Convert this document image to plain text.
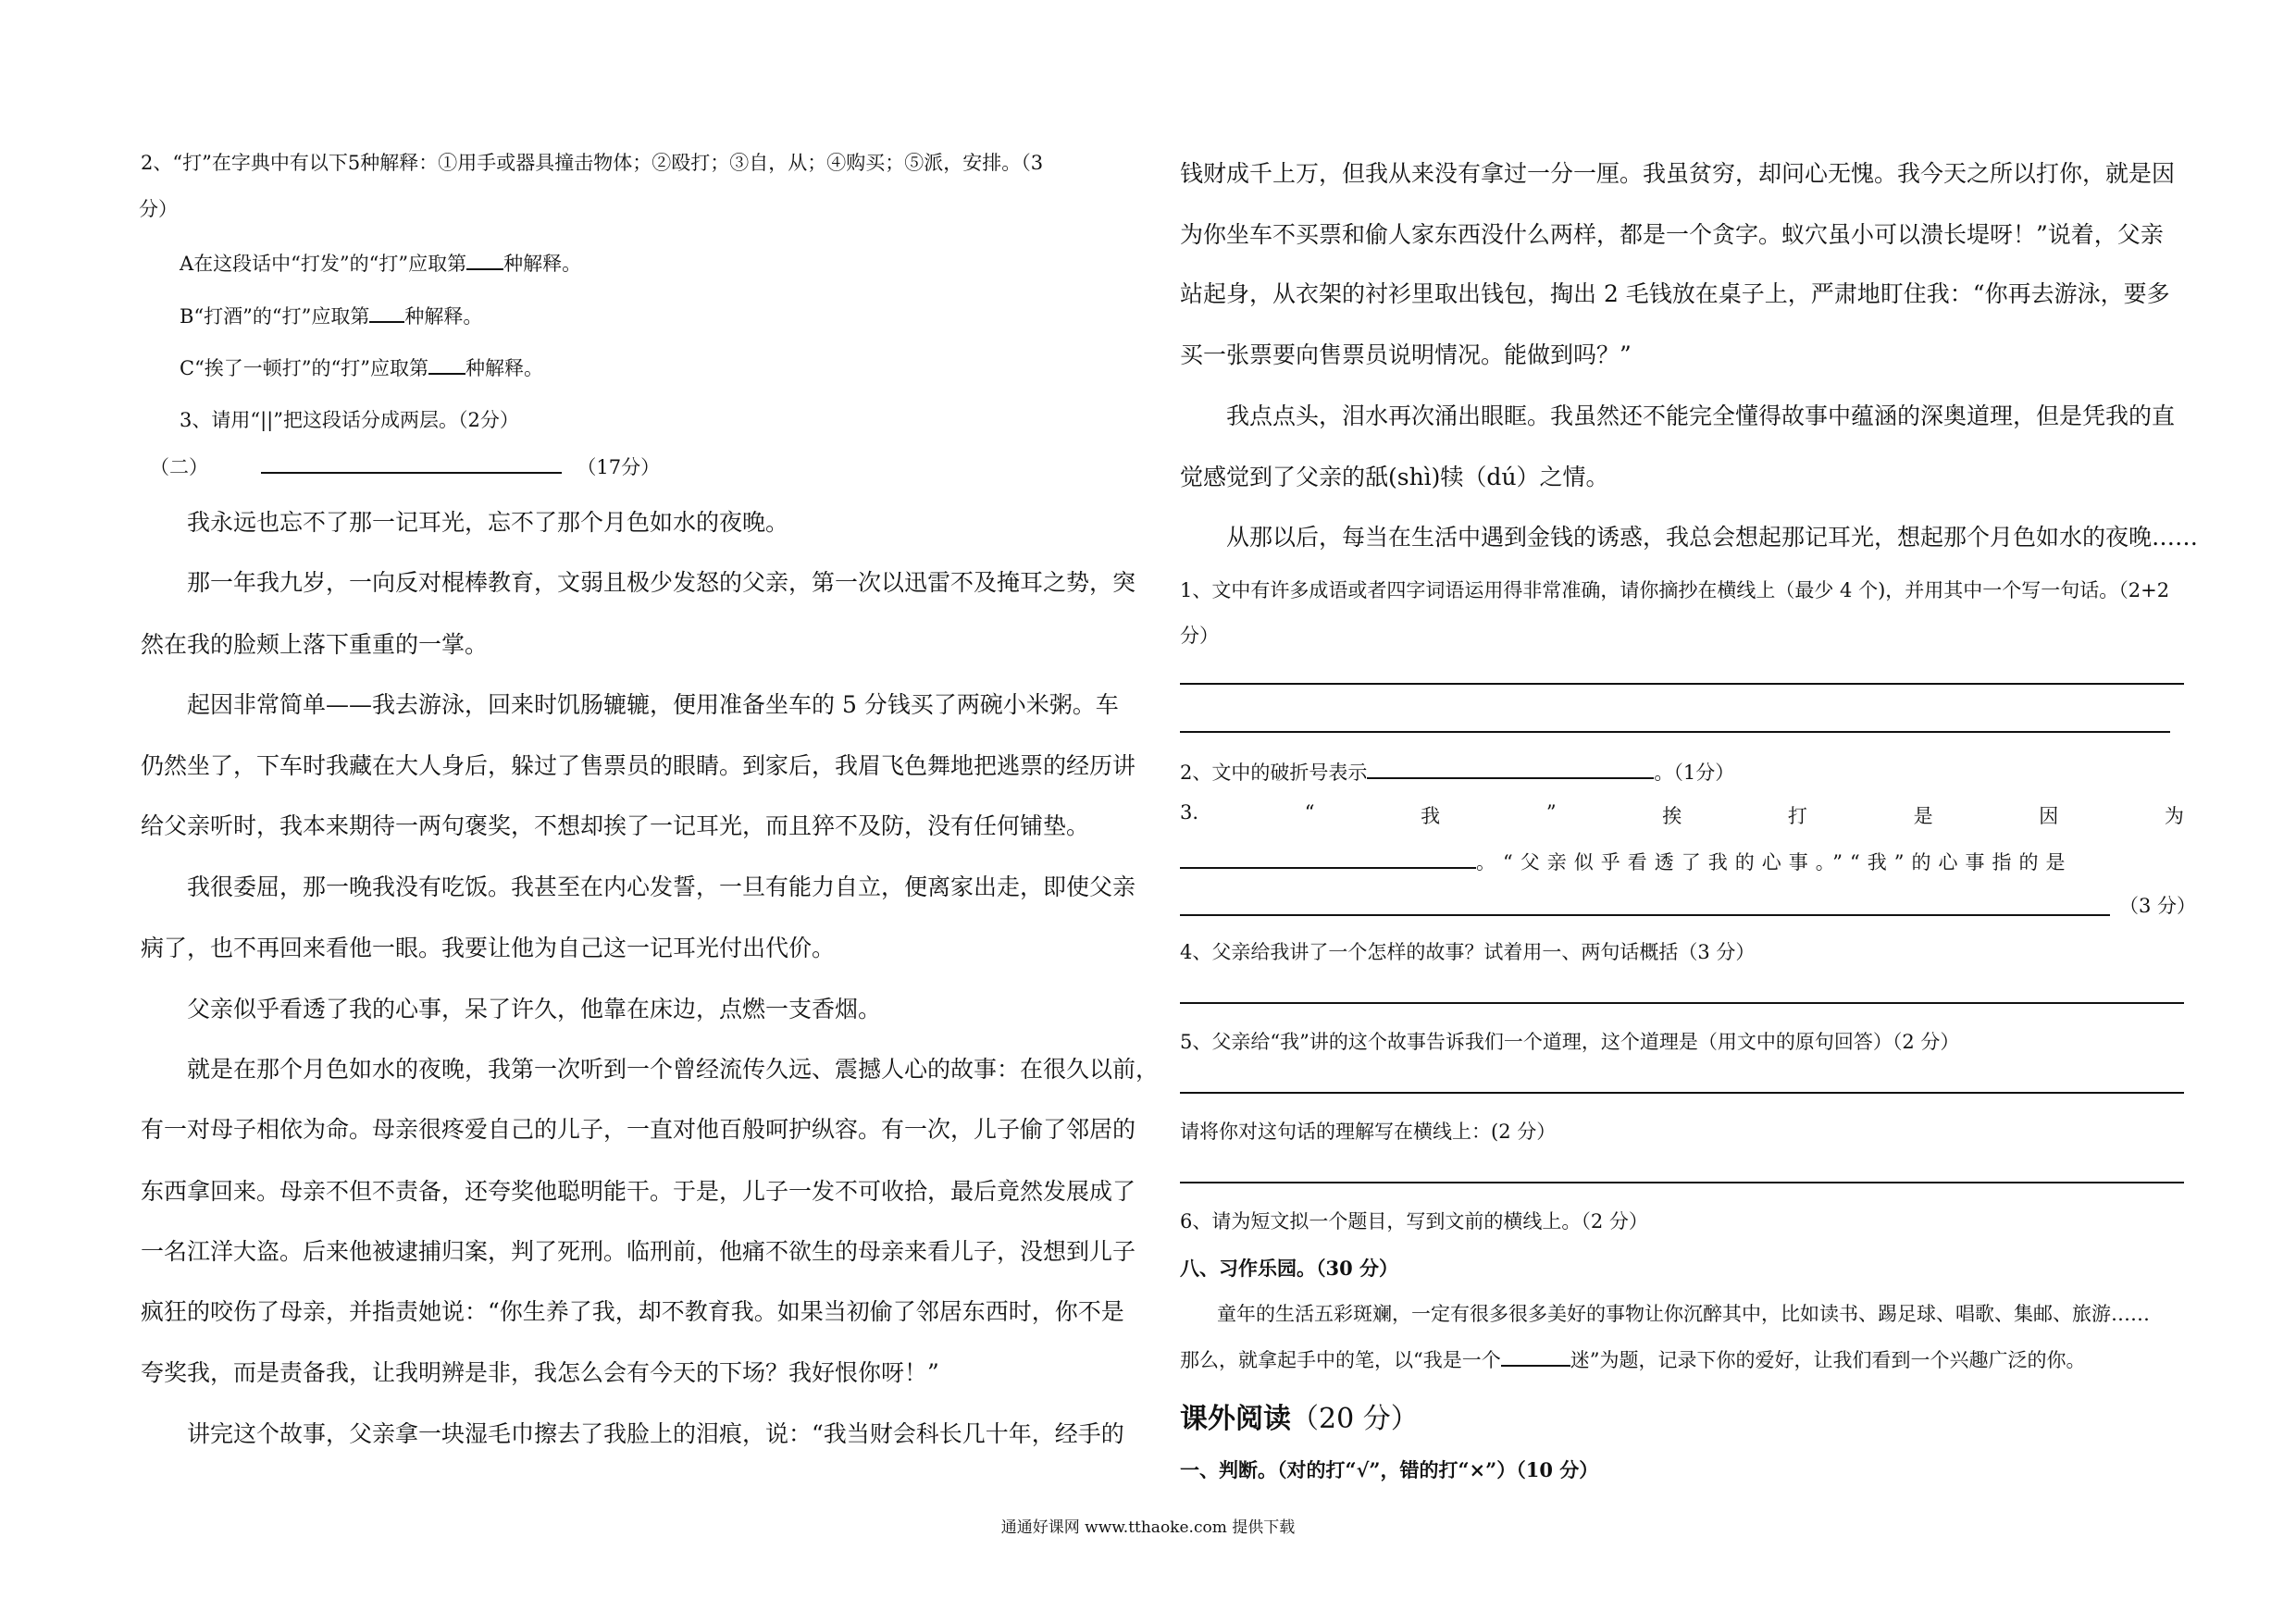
2、“打”在字典中有以下5种解释：①用手或器具撞击物体；②殴打；③自，从；④购买；⑤派，安排。（3
分）
A在这段话中“打发”的“打”应取第 种解释。
B“打酒”的“打”应取第 种解释。
C“挨了一顿打”的“打”应取第 种解释。
3、请用“||”把这段话分成两层。（2分）
（二）	（17分）
我永远也忘不了那一记耳光，忘不了那个月色如水的夜晚。
那一年我九岁，一向反对棍棒教育，文弱且极少发怒的父亲，第一次以迅雷不及掩耳之势，突
然在我的脸颊上落下重重的一掌。
起因非常简单——我去游泳，回来时饥肠辘辘，便用准备坐车的 5 分钱买了两碗小米粥。车
仍然坐了，下车时我藏在大人身后，躲过了售票员的眼睛。到家后，我眉飞色舞地把逃票的经历讲
给父亲听时，我本来期待一两句褒奖，不想却挨了一记耳光，而且猝不及防，没有任何铺垫。
我很委屈，那一晚我没有吃饭。我甚至在内心发誓，一旦有能力自立，便离家出走，即使父亲
病了，也不再回来看他一眼。我要让他为自己这一记耳光付出代价。
父亲似乎看透了我的心事，呆了许久，他靠在床边，点燃一支香烟。
就是在那个月色如水的夜晚，我第一次听到一个曾经流传久远、震撼人心的故事：在很久以前，
有一对母子相依为命。母亲很疼爱自己的儿子，一直对他百般呵护纵容。有一次，儿子偷了邻居的
东西拿回来。母亲不但不责备，还夸奖他聪明能干。于是，儿子一发不可收拾，最后竟然发展成了
一名江洋大盗。后来他被逮捕归案，判了死刑。临刑前，他痛不欲生的母亲来看儿子，没想到儿子
疯狂的咬伤了母亲，并指责她说：“你生养了我，却不教育我。如果当初偷了邻居东西时，你不是
夸奖我，而是责备我，让我明辨是非，我怎么会有今天的下场？我好恨你呀！”
讲完这个故事，父亲拿一块湿毛巾擦去了我脸上的泪痕，说：“我当财会科长几十年，经手的
钱财成千上万，但我从来没有拿过一分一厘。我虽贫穷，却问心无愧。我今天之所以打你，就是因
为你坐车不买票和偷人家东西没什么两样，都是一个贪字。蚁穴虽小可以溃长堤呀！”说着，父亲
站起身，从衣架的衬衫里取出钱包，掏出 2 毛钱放在桌子上，严肃地盯住我：“你再去游泳，要多
买一张票要向售票员说明情况。能做到吗？”
我点点头，泪水再次涌出眼眶。我虽然还不能完全懂得故事中蕴涵的深奥道理，但是凭我的直
觉感觉到了父亲的舐(shì)犊（dú）之情。
从那以后，每当在生活中遇到金钱的诱惑，我总会想起那记耳光，想起那个月色如水的夜晚……
1、文中有许多成语或者四字词语运用得非常准确，请你摘抄在横线上（最少 4 个)，并用其中一个写一句话。（2+2
分）
2、文中的破折号表示	。（1分）
3.	“	我	”	挨	打	是	因	为
。“父亲似乎看透了我的心事。”“我”的心事指的是
（3 分）
4、父亲给我讲了一个怎样的故事？试着用一、两句话概括（3 分）
5、父亲给“我”讲的这个故事告诉我们一个道理，这个道理是（用文中的原句回答）（2 分）
请将你对这句话的理解写在横线上：(2 分）
6、请为短文拟一个题目，写到文前的横线上。（2 分）
八、习作乐园。（30 分）
童年的生活五彩斑斓，一定有很多很多美好的事物让你沉醉其中，比如读书、踢足球、唱歌、集邮、旅游……
那么，就拿起手中的笔，以“我是一个	迷”为题，记录下你的爱好，让我们看到一个兴趣广泛的你。
课外阅读（20 分）
一、判断。（对的打“√”，错的打“×”）（10 分）
通通好课网 www.tthaoke.com 提供下载
